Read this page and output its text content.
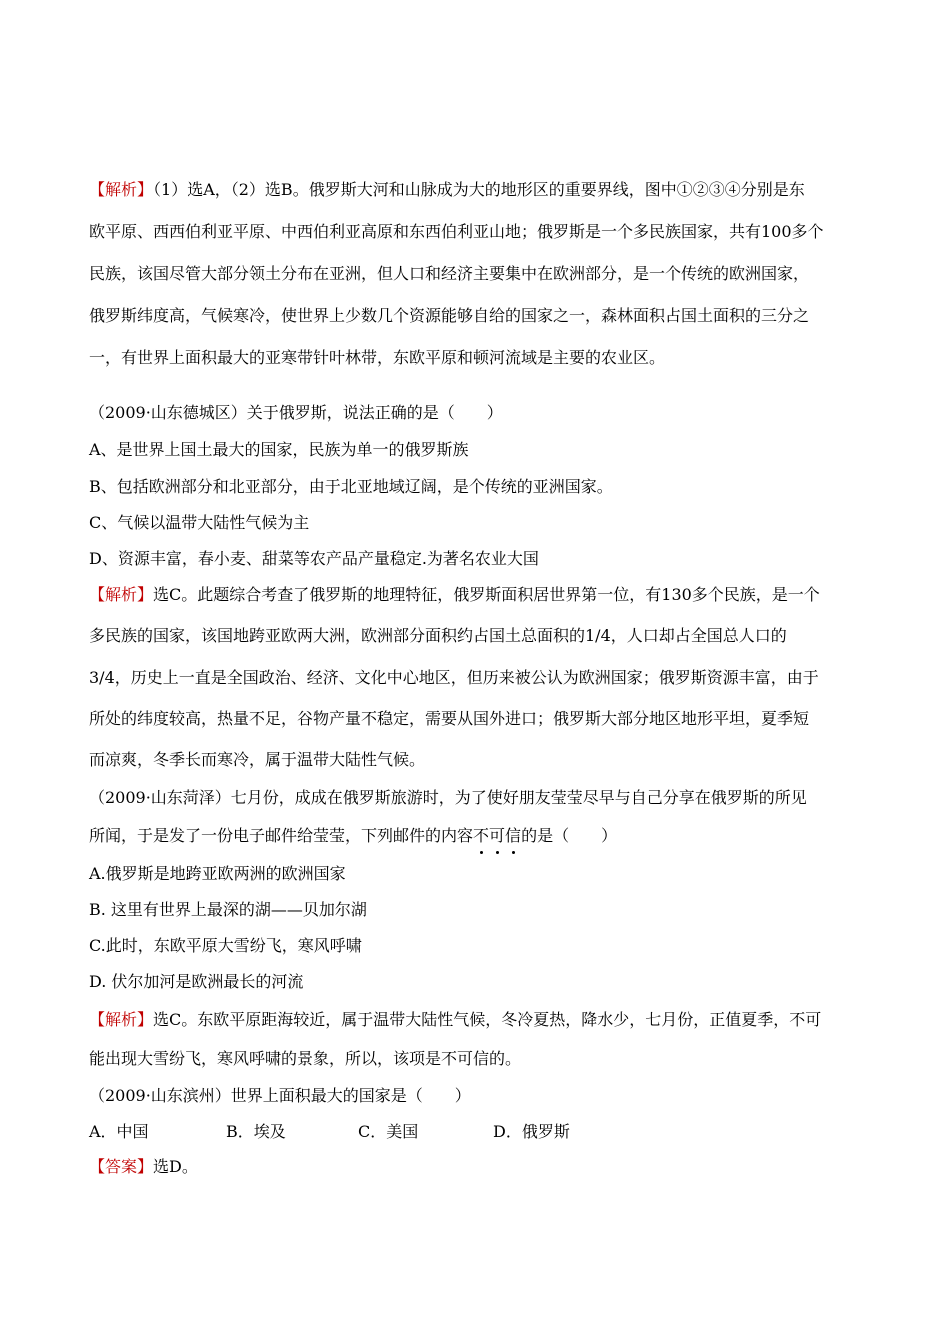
【解析】（1）选A，（2）选B。俄罗斯大河和山脉成为大的地形区的重要界线，图中①②③④分别是东
欧平原、西西伯利亚平原、中西伯利亚高原和东西伯利亚山地；俄罗斯是一个多民族国家，共有100多个
民族，该国尽管大部分领土分布在亚洲，但人口和经济主要集中在欧洲部分，是一个传统的欧洲国家，
俄罗斯纬度高，气候寒冷，使世界上少数几个资源能够自给的国家之一，森林面积占国土面积的三分之
一，有世界上面积最大的亚寒带针叶林带，东欧平原和顿河流域是主要的农业区。
（2009·山东德城区）关于俄罗斯，说法正确的是（　　）
A、是世界上国土最大的国家，民族为单一的俄罗斯族
B、包括欧洲部分和北亚部分，由于北亚地域辽阔，是个传统的亚洲国家。
C、气候以温带大陆性气候为主
D、资源丰富，春小麦、甜菜等农产品产量稳定.为著名农业大国
【解析】选C。此题综合考查了俄罗斯的地理特征，俄罗斯面积居世界第一位，有130多个民族，是一个
多民族的国家，该国地跨亚欧两大洲，欧洲部分面积约占国土总面积的1/4，人口却占全国总人口的
3/4，历史上一直是全国政治、经济、文化中心地区，但历来被公认为欧洲国家；俄罗斯资源丰富，由于
所处的纬度较高，热量不足，谷物产量不稳定，需要从国外进口；俄罗斯大部分地区地形平坦，夏季短
而凉爽，冬季长而寒冷，属于温带大陆性气候。
（2009·山东菏泽）七月份，成成在俄罗斯旅游时，为了使好朋友莹莹尽早与自己分享在俄罗斯的所见
所闻，于是发了一份电子邮件给莹莹，下列邮件的内容不可信的是（　　）
A.俄罗斯是地跨亚欧两洲的欧洲国家
B. 这里有世界上最深的湖——贝加尔湖
C.此时，东欧平原大雪纷飞，寒风呼啸
D. 伏尔加河是欧洲最长的河流
【解析】选C。东欧平原距海较近，属于温带大陆性气候，冬冷夏热，降水少，七月份，正值夏季，不可
能出现大雪纷飞，寒风呼啸的景象，所以，该项是不可信的。
（2009·山东滨州）世界上面积最大的国家是（　　）
A．中国	B．埃及	C．美国	D．俄罗斯
【答案】选D。
